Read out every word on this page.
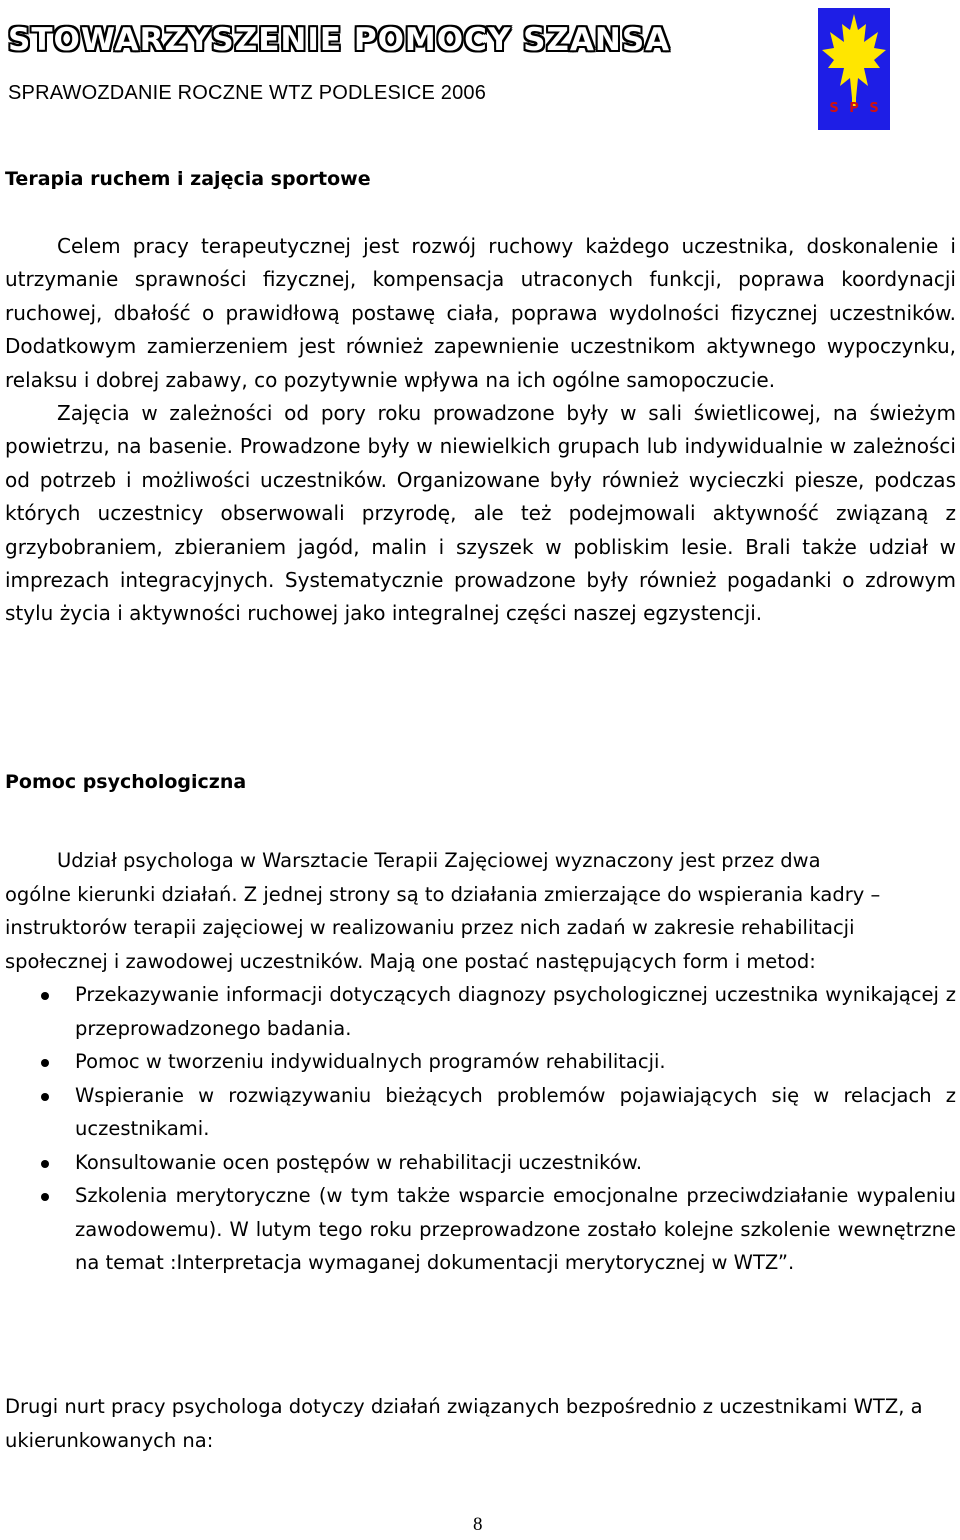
STOWARZYSZENIE POMOCY SZANSA
SPRAWOZDANIE ROCZNE WTZ PODLESICE 2006
S P S
Terapia ruchem i zajęcia sportowe

Celem pracy terapeutycznej jest rozwój ruchowy każdego uczestnika, doskonalenie i utrzymanie sprawności fizycznej, kompensacja utraconych funkcji, poprawa koordynacji ruchowej, dbałość o prawidłową postawę ciała, poprawa wydolności fizycznej uczestników. Dodatkowym zamierzeniem jest również zapewnienie uczestnikom aktywnego wypoczynku, relaksu i dobrej zabawy, co pozytywnie wpływa na ich ogólne samopoczucie.

Zajęcia w zależności od pory roku prowadzone były w sali świetlicowej, na świeżym powietrzu, na basenie. Prowadzone były w niewielkich grupach lub indywidualnie w zależności od potrzeb i możliwości uczestników. Organizowane były również wycieczki piesze, podczas których uczestnicy obserwowali przyrodę, ale też podejmowali aktywność związaną z grzybobraniem, zbieraniem jagód, malin i szyszek w pobliskim lesie. Brali także udział w imprezach integracyjnych. Systematycznie prowadzone były również pogadanki o zdrowym stylu życia i aktywności ruchowej jako integralnej części naszej egzystencji.

Pomoc psychologiczna

Udział psychologa w Warsztacie Terapii Zajęciowej wyznaczony jest przez dwa

ogólne kierunki działań. Z jednej strony są to działania zmierzające do wspierania kadry – instruktorów terapii zajęciowej w realizowaniu przez nich zadań w zakresie rehabilitacji społecznej i zawodowej uczestników. Mają one postać następujących form i metod:

Przekazywanie informacji dotyczących diagnozy psychologicznej uczestnika wynikającej z przeprowadzonego badania.
Pomoc w tworzeniu indywidualnych programów rehabilitacji.
Wspieranie w rozwiązywaniu bieżących problemów pojawiających się w relacjach z uczestnikami.
Konsultowanie ocen postępów w rehabilitacji uczestników.
Szkolenia merytoryczne (w tym także wsparcie emocjonalne przeciwdziałanie wypaleniu zawodowemu). W lutym tego roku przeprowadzone zostało kolejne szkolenie wewnętrzne na temat :Interpretacja wymaganej dokumentacji merytorycznej w WTZ”.

Drugi nurt pracy psychologa dotyczy działań związanych bezpośrednio z uczestnikami WTZ, a ukierunkowanych na:

8
